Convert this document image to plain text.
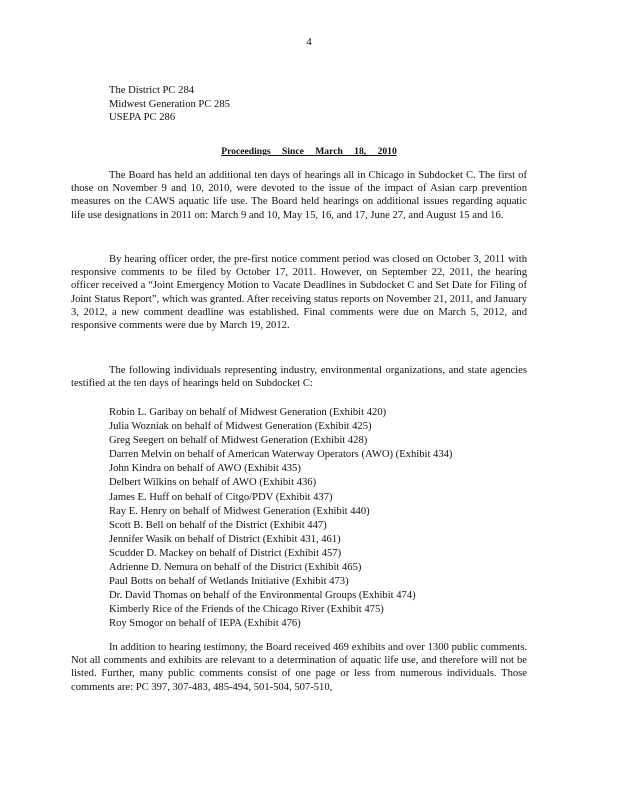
4
The District PC 284
Midwest Generation PC 285
USEPA PC 286
Proceedings Since March 18, 2010

The Board has held an additional ten days of hearings all in Chicago in Subdocket C. The first of those on November 9 and 10, 2010, were devoted to the issue of the impact of Asian carp prevention measures on the CAWS aquatic life use. The Board held hearings on additional issues regarding aquatic life use designations in 2011 on: March 9 and 10, May 15, 16, and 17, June 27, and August 15 and 16.

By hearing officer order, the pre-first notice comment period was closed on October 3, 2011 with responsive comments to be filed by October 17, 2011. However, on September 22, 2011, the hearing officer received a “Joint Emergency Motion to Vacate Deadlines in Subdocket C and Set Date for Filing of Joint Status Report”, which was granted. After receiving status reports on November 21, 2011, and January 3, 2012, a new comment deadline was established. Final comments were due on March 5, 2012, and responsive comments were due by March 19, 2012.

The following individuals representing industry, environmental organizations, and state agencies testified at the ten days of hearings held on Subdocket C:

Robin L. Garibay on behalf of Midwest Generation (Exhibit 420)
Julia Wozniak on behalf of Midwest Generation (Exhibit 425)
Greg Seegert on behalf of Midwest Generation (Exhibit 428)
Darren Melvin on behalf of American Waterway Operators (AWO) (Exhibit 434)
John Kindra on behalf of AWO (Exhibit 435)
Delbert Wilkins on behalf of AWO (Exhibit 436)
James E. Huff on behalf of Citgo/PDV (Exhibit 437)
Ray E. Henry on behalf of Midwest Generation (Exhibit 440)
Scott B. Bell on behalf of the District (Exhibit 447)
Jennifer Wasik on behalf of District (Exhibit 431, 461)
Scudder D. Mackey on behalf of District (Exhibit 457)
Adrienne D. Nemura on behalf of the District (Exhibit 465)
Paul Botts on behalf of Wetlands Initiative (Exhibit 473)
Dr. David Thomas on behalf of the Environmental Groups (Exhibit 474)
Kimberly Rice of the Friends of the Chicago River (Exhibit 475)
Roy Smogor on behalf of IEPA (Exhibit 476)

In addition to hearing testimony, the Board received 469 exhibits and over 1300 public comments. Not all comments and exhibits are relevant to a determination of aquatic life use, and therefore will not be listed. Further, many public comments consist of one page or less from numerous individuals. Those comments are: PC 397, 307-483, 485-494, 501-504, 507-510,
